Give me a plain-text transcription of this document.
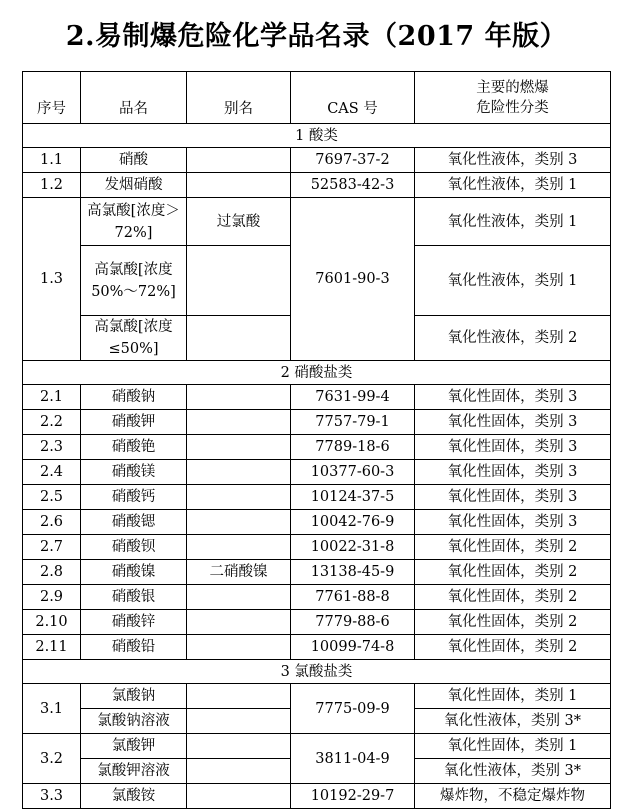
2.易制爆危险化学品名录（2017 年版）
序号	品名	别名	CAS 号	主要的燃爆
危险性分类

1 酸类				
1.1	硝酸		7697-37-2	氧化性液体，类别 3
1.2	发烟硝酸		52583-42-3	氧化性液体，类别 1
1.3	高氯酸[浓度＞72%]	过氯酸	7601-90-3	氧化性液体，类别 1
	高氯酸[浓度 50%～72%]			氧化性液体，类别 1
	高氯酸[浓度≤50%]			氧化性液体，类别 2
2 硝酸盐类				
2.1	硝酸钠		7631-99-4	氧化性固体，类别 3
2.2	硝酸钾		7757-79-1	氧化性固体，类别 3
2.3	硝酸铯		7789-18-6	氧化性固体，类别 3
2.4	硝酸镁		10377-60-3	氧化性固体，类别 3
2.5	硝酸钙		10124-37-5	氧化性固体，类别 3
2.6	硝酸锶		10042-76-9	氧化性固体，类别 3
2.7	硝酸钡		10022-31-8	氧化性固体，类别 2
2.8	硝酸镍	二硝酸镍	13138-45-9	氧化性固体，类别 2
2.9	硝酸银		7761-88-8	氧化性固体，类别 2
2.10	硝酸锌		7779-88-6	氧化性固体，类别 2
2.11	硝酸铅		10099-74-8	氧化性固体，类别 2
3 氯酸盐类				
3.1	氯酸钠		7775-09-9	氧化性固体，类别 1
	氯酸钠溶液			氧化性液体，类别 3*
3.2	氯酸钾		3811-04-9	氧化性固体，类别 1
	氯酸钾溶液			氧化性液体，类别 3*
3.3	氯酸铵		10192-29-7	爆炸物，不稳定爆炸物
